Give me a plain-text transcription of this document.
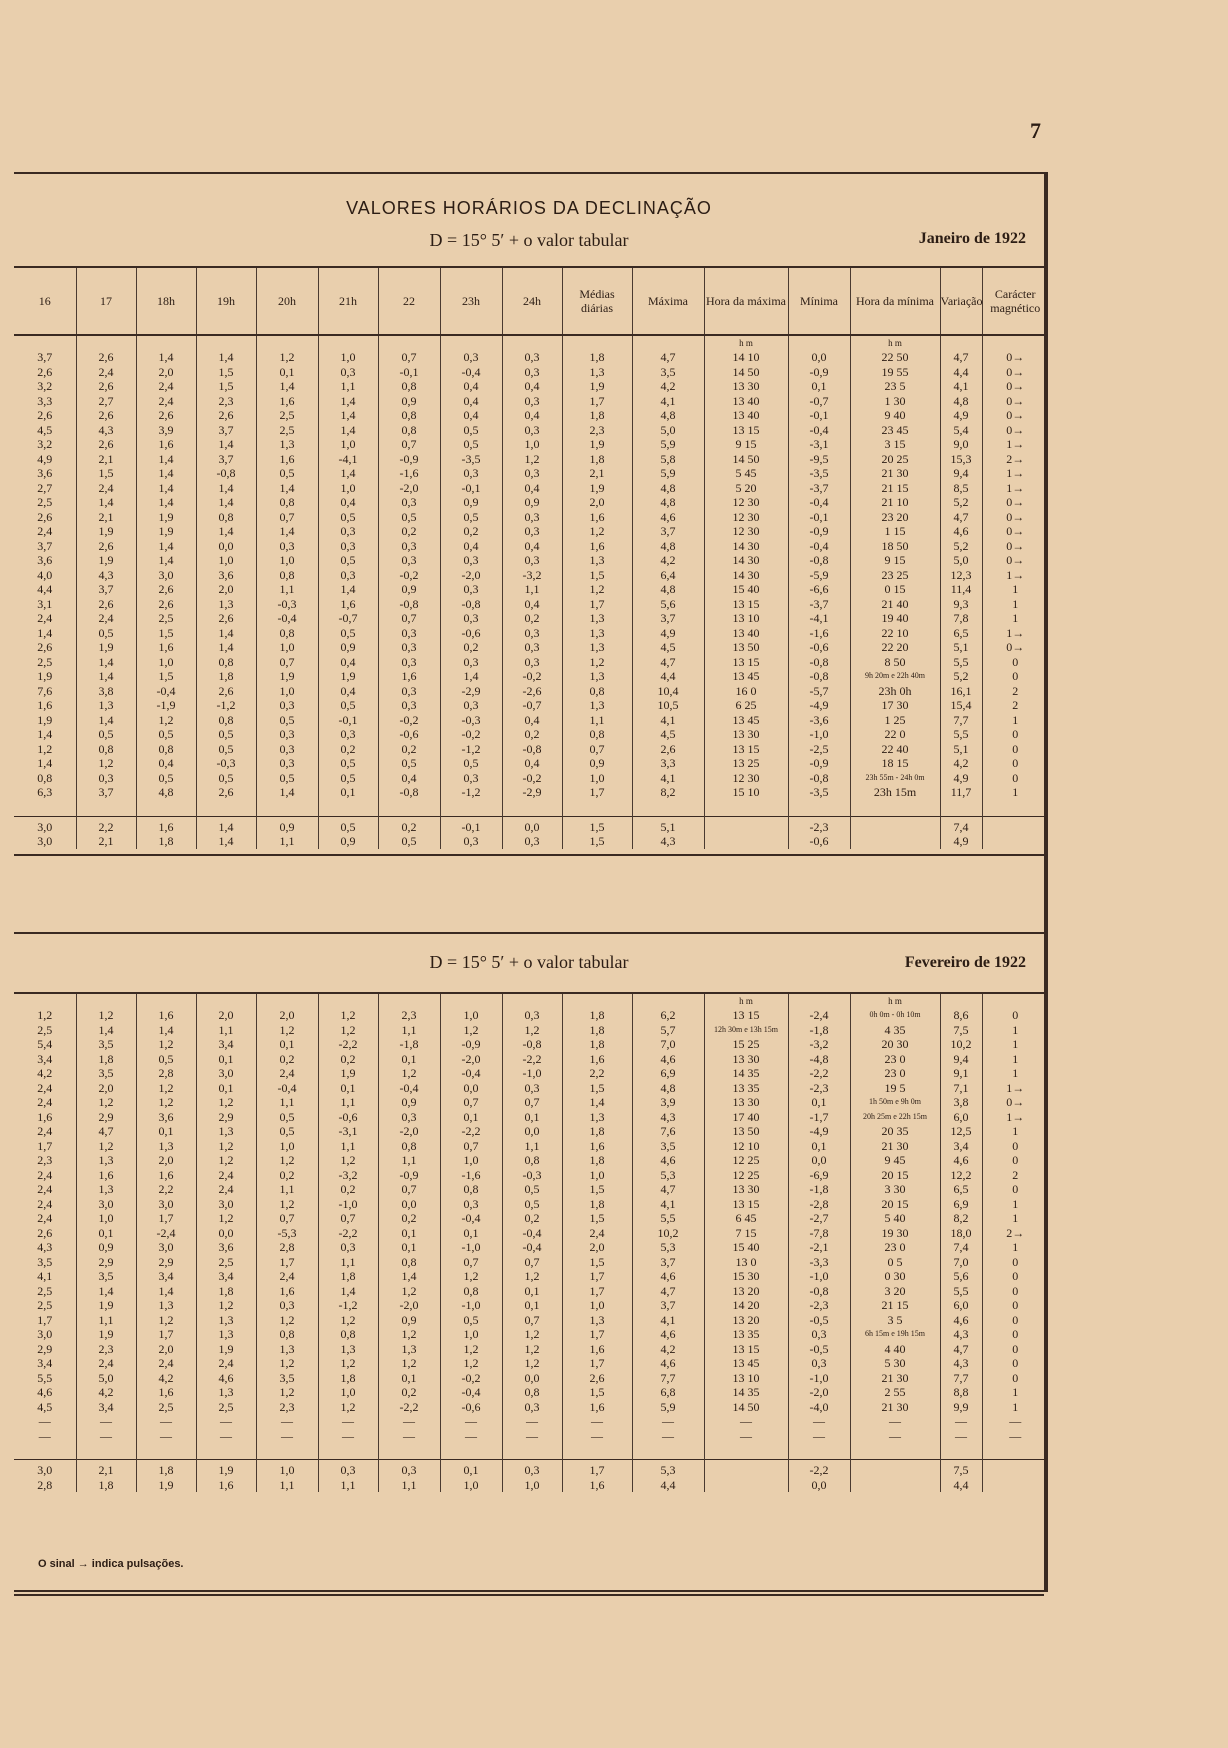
7
VALORES HORÁRIOS DA DECLINAÇÃO
D = 15° 5′ + o valor tabular	Janeiro de 1922
16	17	18h	19h	20h	21h	22	23h	24h	Médias diárias	Máxima	Hora da máxima	Mínima	Hora da mínima	Variação	Carácter magnético
											h m		h m		
3,7	2,6	1,4	1,4	1,2	1,0	0,7	0,3	0,3	1,8	4,7	14 10	0,0	22 50	4,7	0→
2,6	2,4	2,0	1,5	0,1	0,3	-0,1	-0,4	0,3	1,3	3,5	14 50	-0,9	19 55	4,4	0→
3,2	2,6	2,4	1,5	1,4	1,1	0,8	0,4	0,4	1,9	4,2	13 30	0,1	23 5	4,1	0→
3,3	2,7	2,4	2,3	1,6	1,4	0,9	0,4	0,3	1,7	4,1	13 40	-0,7	1 30	4,8	0→
2,6	2,6	2,6	2,6	2,5	1,4	0,8	0,4	0,4	1,8	4,8	13 40	-0,1	9 40	4,9	0→
4,5	4,3	3,9	3,7	2,5	1,4	0,8	0,5	0,3	2,3	5,0	13 15	-0,4	23 45	5,4	0→
3,2	2,6	1,6	1,4	1,3	1,0	0,7	0,5	1,0	1,9	5,9	9 15	-3,1	3 15	9,0	1→
4,9	2,1	1,4	3,7	1,6	-4,1	-0,9	-3,5	1,2	1,8	5,8	14 50	-9,5	20 25	15,3	2→
3,6	1,5	1,4	-0,8	0,5	1,4	-1,6	0,3	0,3	2,1	5,9	5 45	-3,5	21 30	9,4	1→
2,7	2,4	1,4	1,4	1,4	1,0	-2,0	-0,1	0,4	1,9	4,8	5 20	-3,7	21 15	8,5	1→
2,5	1,4	1,4	1,4	0,8	0,4	0,3	0,9	0,9	2,0	4,8	12 30	-0,4	21 10	5,2	0→
2,6	2,1	1,9	0,8	0,7	0,5	0,5	0,5	0,3	1,6	4,6	12 30	-0,1	23 20	4,7	0→
2,4	1,9	1,9	1,4	1,4	0,3	0,2	0,2	0,3	1,2	3,7	12 30	-0,9	1 15	4,6	0→
3,7	2,6	1,4	0,0	0,3	0,3	0,3	0,4	0,4	1,6	4,8	14 30	-0,4	18 50	5,2	0→
3,6	1,9	1,4	1,0	1,0	0,5	0,3	0,3	0,3	1,3	4,2	14 30	-0,8	9 15	5,0	0→
4,0	4,3	3,0	3,6	0,8	0,3	-0,2	-2,0	-3,2	1,5	6,4	14 30	-5,9	23 25	12,3	1→
4,4	3,7	2,6	2,0	1,1	1,4	0,9	0,3	1,1	1,2	4,8	15 40	-6,6	0 15	11,4	1
3,1	2,6	2,6	1,3	-0,3	1,6	-0,8	-0,8	0,4	1,7	5,6	13 15	-3,7	21 40	9,3	1
2,4	2,4	2,5	2,6	-0,4	-0,7	0,7	0,3	0,2	1,3	3,7	13 10	-4,1	19 40	7,8	1
1,4	0,5	1,5	1,4	0,8	0,5	0,3	-0,6	0,3	1,3	4,9	13 40	-1,6	22 10	6,5	1→
2,6	1,9	1,6	1,4	1,0	0,9	0,3	0,2	0,3	1,3	4,5	13 50	-0,6	22 20	5,1	0→
2,5	1,4	1,0	0,8	0,7	0,4	0,3	0,3	0,3	1,2	4,7	13 15	-0,8	8 50	5,5	0
1,9	1,4	1,5	1,8	1,9	1,9	1,6	1,4	-0,2	1,3	4,4	13 45	-0,8	9h 20m e 22h 40m	5,2	0
7,6	3,8	-0,4	2,6	1,0	0,4	0,3	-2,9	-2,6	0,8	10,4	16 0	-5,7	23h 0h	16,1	2
1,6	1,3	-1,9	-1,2	0,3	0,5	0,3	0,3	-0,7	1,3	10,5	6 25	-4,9	17 30	15,4	2
1,9	1,4	1,2	0,8	0,5	-0,1	-0,2	-0,3	0,4	1,1	4,1	13 45	-3,6	1 25	7,7	1
1,4	0,5	0,5	0,5	0,3	0,3	-0,6	-0,2	0,2	0,8	4,5	13 30	-1,0	22 0	5,5	0
1,2	0,8	0,8	0,5	0,3	0,2	0,2	-1,2	-0,8	0,7	2,6	13 15	-2,5	22 40	5,1	0
1,4	1,2	0,4	-0,3	0,3	0,5	0,5	0,5	0,4	0,9	3,3	13 25	-0,9	18 15	4,2	0
0,8	0,3	0,5	0,5	0,5	0,5	0,4	0,3	-0,2	1,0	4,1	12 30	-0,8	23h 55m - 24h 0m	4,9	0
6,3	3,7	4,8	2,6	1,4	0,1	-0,8	-1,2	-2,9	1,7	8,2	15 10	-3,5	23h 15m	11,7	1

3,0	2,2	1,6	1,4	0,9	0,5	0,2	-0,1	0,0	1,5	5,1		-2,3		7,4	
3,0	2,1	1,8	1,4	1,1	0,9	0,5	0,3	0,3	1,5	4,3		-0,6		4,9	
D = 15° 5′ + o valor tabular	Fevereiro de 1922

											h m		h m		
1,2	1,2	1,6	2,0	2,0	1,2	2,3	1,0	0,3	1,8	6,2	13 15	-2,4	0h 0m - 0h 10m	8,6	0
2,5	1,4	1,4	1,1	1,2	1,2	1,1	1,2	1,2	1,8	5,7	12h 30m e 13h 15m	-1,8	4 35	7,5	1
5,4	3,5	1,2	3,4	0,1	-2,2	-1,8	-0,9	-0,8	1,8	7,0	15 25	-3,2	20 30	10,2	1
3,4	1,8	0,5	0,1	0,2	0,2	0,1	-2,0	-2,2	1,6	4,6	13 30	-4,8	23 0	9,4	1
4,2	3,5	2,8	3,0	2,4	1,9	1,2	-0,4	-1,0	2,2	6,9	14 35	-2,2	23 0	9,1	1
2,4	2,0	1,2	0,1	-0,4	0,1	-0,4	0,0	0,3	1,5	4,8	13 35	-2,3	19 5	7,1	1→
2,4	1,2	1,2	1,2	1,1	1,1	0,9	0,7	0,7	1,4	3,9	13 30	0,1	1h 50m e 9h 0m	3,8	0→
1,6	2,9	3,6	2,9	0,5	-0,6	0,3	0,1	0,1	1,3	4,3	17 40	-1,7	20h 25m e 22h 15m	6,0	1→
2,4	4,7	0,1	1,3	0,5	-3,1	-2,0	-2,2	0,0	1,8	7,6	13 50	-4,9	20 35	12,5	1
1,7	1,2	1,3	1,2	1,0	1,1	0,8	0,7	1,1	1,6	3,5	12 10	0,1	21 30	3,4	0
2,3	1,3	2,0	1,2	1,2	1,2	1,1	1,0	0,8	1,8	4,6	12 25	0,0	9 45	4,6	0
2,4	1,6	1,6	2,4	0,2	-3,2	-0,9	-1,6	-0,3	1,0	5,3	12 25	-6,9	20 15	12,2	2
2,4	1,3	2,2	2,4	1,1	0,2	0,7	0,8	0,5	1,5	4,7	13 30	-1,8	3 30	6,5	0
2,4	3,0	3,0	3,0	1,2	-1,0	0,0	0,3	0,5	1,8	4,1	13 15	-2,8	20 15	6,9	1
2,4	1,0	1,7	1,2	0,7	0,7	0,2	-0,4	0,2	1,5	5,5	6 45	-2,7	5 40	8,2	1
2,6	0,1	-2,4	0,0	-5,3	-2,2	0,1	0,1	-0,4	2,4	10,2	7 15	-7,8	19 30	18,0	2→
4,3	0,9	3,0	3,6	2,8	0,3	0,1	-1,0	-0,4	2,0	5,3	15 40	-2,1	23 0	7,4	1
3,5	2,9	2,9	2,5	1,7	1,1	0,8	0,7	0,7	1,5	3,7	13 0	-3,3	0 5	7,0	0
4,1	3,5	3,4	3,4	2,4	1,8	1,4	1,2	1,2	1,7	4,6	15 30	-1,0	0 30	5,6	0
2,5	1,4	1,4	1,8	1,6	1,4	1,2	0,8	0,1	1,7	4,7	13 20	-0,8	3 20	5,5	0
2,5	1,9	1,3	1,2	0,3	-1,2	-2,0	-1,0	0,1	1,0	3,7	14 20	-2,3	21 15	6,0	0
1,7	1,1	1,2	1,3	1,2	1,2	0,9	0,5	0,7	1,3	4,1	13 20	-0,5	3 5	4,6	0
3,0	1,9	1,7	1,3	0,8	0,8	1,2	1,0	1,2	1,7	4,6	13 35	0,3	6h 15m e 19h 15m	4,3	0
2,9	2,3	2,0	1,9	1,3	1,3	1,3	1,2	1,2	1,6	4,2	13 15	-0,5	4 40	4,7	0
3,4	2,4	2,4	2,4	1,2	1,2	1,2	1,2	1,2	1,7	4,6	13 45	0,3	5 30	4,3	0
5,5	5,0	4,2	4,6	3,5	1,8	0,1	-0,2	0,0	2,6	7,7	13 10	-1,0	21 30	7,7	0
4,6	4,2	1,6	1,3	1,2	1,0	0,2	-0,4	0,8	1,5	6,8	14 35	-2,0	2 55	8,8	1
4,5	3,4	2,5	2,5	2,3	1,2	-2,2	-0,6	0,3	1,6	5,9	14 50	-4,0	21 30	9,9	1
—	—	—	—	—	—	—	—	—	—	—	—	—	—	—	—
—	—	—	—	—	—	—	—	—	—	—	—	—	—	—	—

3,0	2,1	1,8	1,9	1,0	0,3	0,3	0,1	0,3	1,7	5,3		-2,2		7,5	
2,8	1,8	1,9	1,6	1,1	1,1	1,1	1,0	1,0	1,6	4,4		0,0		4,4	
O sinal → indica pulsações.
